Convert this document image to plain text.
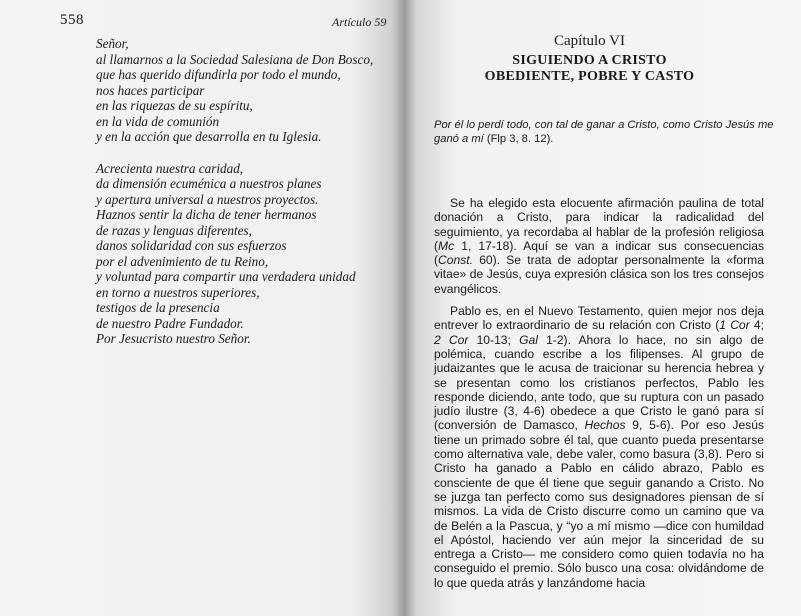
558	Artículo 59
Señor,
al llamarnos a la Sociedad Salesiana de Don Bosco,
que has querido difundirla por todo el mundo,
nos haces participar
en las riquezas de su espíritu,
en la vida de comunión
y en la acción que desarrolla en tu Iglesia.
Acrecienta nuestra caridad,
da dimensión ecuménica a nuestros planes
y apertura universal a nuestros proyectos.
Haznos sentir la dicha de tener hermanos
de razas y lenguas diferentes,
danos solidaridad con sus esfuerzos
por el advenimiento de tu Reino,
y voluntad para compartir una verdadera unidad
en torno a nuestros superiores,
testigos de la presencia
de nuestro Padre Fundador.
Por Jesucristo nuestro Señor.
Capítulo VI
SIGUIENDO A CRISTO
OBEDIENTE, POBRE Y CASTO
Por él lo perdí todo, con tal de ganar a Cristo, como Cristo Jesús me ganó a mí (Flp 3, 8. 12).

Se ha elegido esta elocuente afirmación paulina de total donación a Cristo, para indicar la radicalidad del seguimiento, ya recordaba al hablar de la profesión religiosa (Mc 1, 17-18). Aquí se van a indicar sus consecuencias (Const. 60). Se trata de adoptar personalmente la «forma vitae» de Jesús, cuya expresión clásica son los tres consejos evangélicos.

Pablo es, en el Nuevo Testamento, quien mejor nos deja entrever lo extraordinario de su relación con Cristo (1 Cor 4; 2 Cor 10-13; Gal 1-2). Ahora lo hace, no sin algo de polémica, cuando escribe a los filipenses. Al grupo de judaizantes que le acusa de traicionar su herencia hebrea y se presentan como los cristianos perfectos, Pablo les responde diciendo, ante todo, que su ruptura con un pasado judío ilustre (3, 4-6) obedece a que Cristo le ganó para sí (conversión de Damasco, Hechos 9, 5-6). Por eso Jesús tiene un primado sobre él tal, que cuanto pueda presentarse como alternativa vale, debe valer, como basura (3,8). Pero si Cristo ha ganado a Pablo en cálido abrazo, Pablo es consciente de que él tiene que seguir ganando a Cristo. No se juzga tan perfecto como sus designadores piensan de sí mismos. La vida de Cristo discurre como un camino que va de Belén a la Pascua, y “yo a mí mismo —dice con humildad el Apóstol, haciendo ver aún mejor la sinceridad de su entrega a Cristo— me considero como quien todavía no ha conseguido el premio. Sólo busco una cosa: olvidándome de lo que queda atrás y lanzándome hacia
